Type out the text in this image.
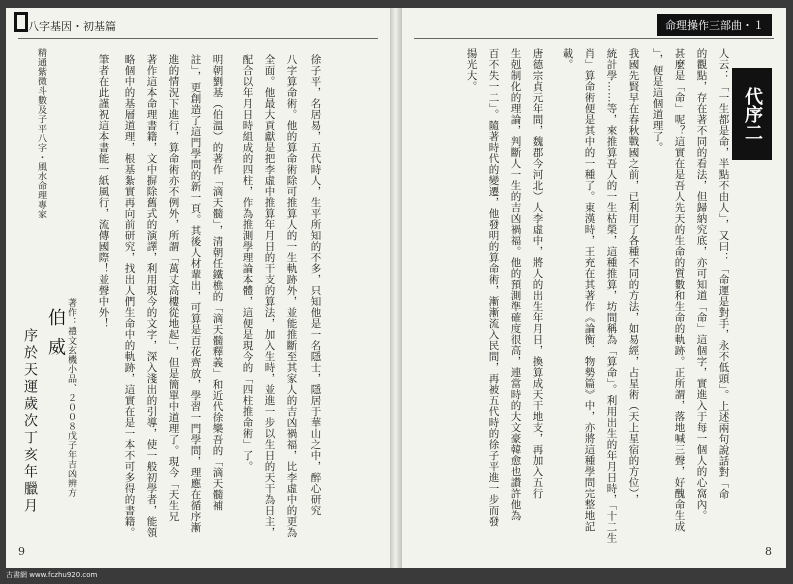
八字基因・初基篇
序於天運歲次丁亥年臘月 伯 威 著作：禮文玄機小品、２００８戊子年吉凶辨方
精通紫微斗數及子平八字・風水命理專家	筆者在此謹祝這本書能一紙風行，流傳國際！並聲中外！ 略個中的基層道理，根基紮實再向前研究，找出人們生命中的軌跡，這實在是一本不可多得的書籍。 著作這本命理書籍，文中摒除舊式的演譯，利用現今的文字，深入淺出的引導，使一般初學者，能領 進的情況下進行，算命術亦不例外，所謂「萬丈高樓從地起」，但是簡單中道理了。現今「天生兄 註」，更創造了這門學問的新一頁。其後人材輩出，可算是百花齊放，學習一門學問，理應在循序漸 明朝劉基（伯溫）的著作「滴天髓」，清朝任鐵樵的「滴天髓釋義」和近代徐樂吾的「滴天髓補 配合以年月日時組成的四柱，作為推測學理論本體，這便是現今的「四柱推命術」了。 全面。他最大貢獻是把李虛中推算年月日的干支的算法，加入生時，並進一步以生日的天干為日主， 八字算命術。他的算命術除可推算人的一生軌跡外，並能推斷至其家人的吉凶禍福，比李虛中的更為 徐子平，名居易，五代時人，生平所知的不多，只知他是一名隱士，隱居于華山之中，醉心研究
9
命理操作三部曲・１
代序二
人云：「一生都是命，半點不由人」，又曰：「命運是對手，永不低頭」。上述兩句說話對「命
的觀點，存在著不同的看法，但歸納究底，亦可知道「命」這個字，實進入于每一個人的心窩內。
甚麼是「命」呢？這實在是吾人先天的生命的質數和生命的軌跡。正所謂，落地喊三聲，好醜命生成
」，便是這個道理了。
我國先賢早在春秋戰國之前，已利用了各種不同的方法，如易經，占星術（天上星宿的方位），
統計學……等，來推算吾人的一生枯榮，這種推算，坊間稱為「算命」。利用出生的年月日時，「十二生
肖」算命術便是其中的一種了。東漢時，王充在其著作《論衡．物勢篇》中，亦將這種學問完整地記
載。
唐德宗貞元年間，魏郡今河北）人李虛中，將人的出生年月日，換算成天干地支，再加入五行
生剋制化的理論，判斷人一生的吉凶禍福。他的預測準確度很高，連當時的大文豪韓愈也讚許他為
百不失一二」。隨著時代的變遷，他發明的算命術，漸漸流入民間，再被五代時的徐子平進一步而發
揚光大。
8
古書網 www.fczhu920.com
